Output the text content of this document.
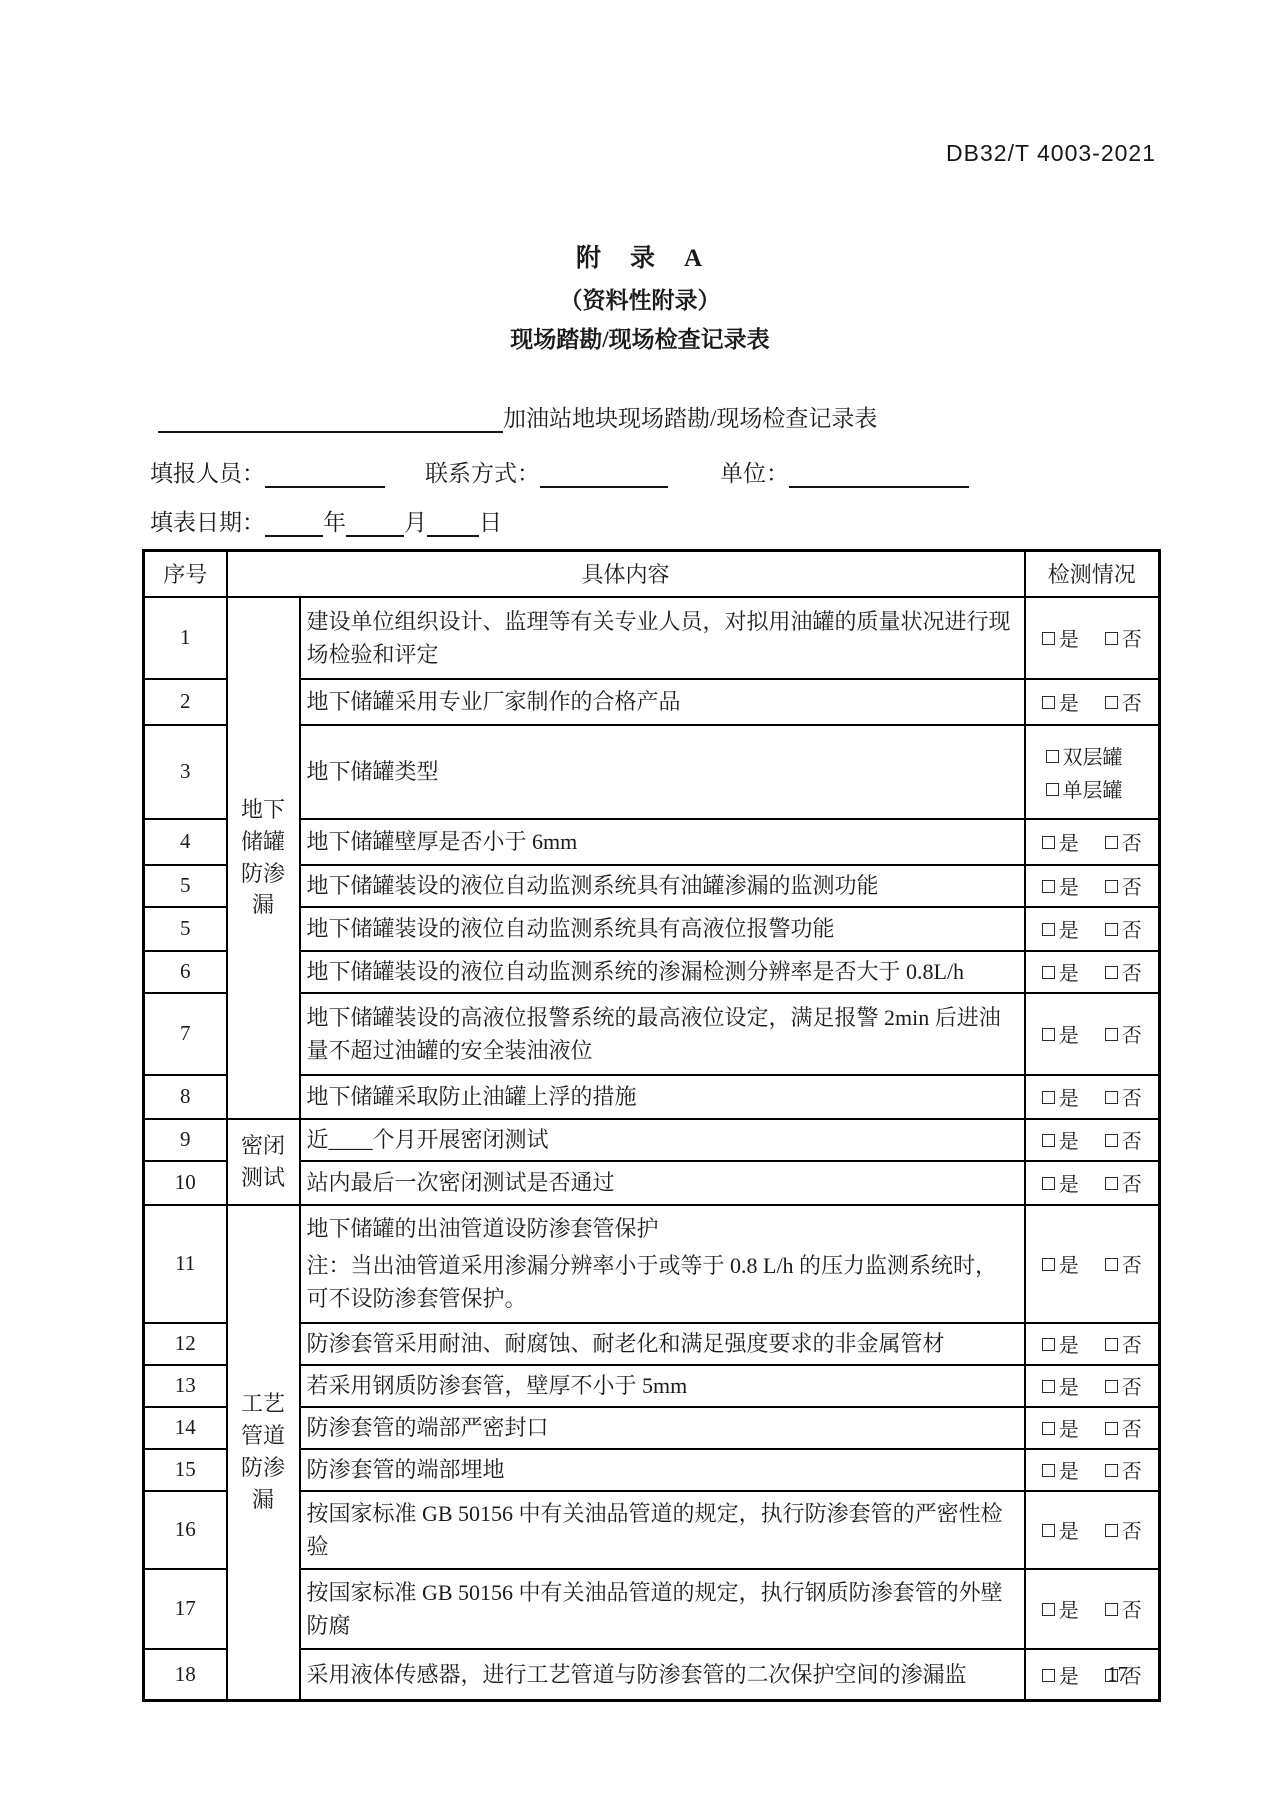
DB32/T 4003-2021
附　录　A
（资料性附录）
现场踏勘/现场检查记录表
加油站地块现场踏勘/现场检查记录表
填报人员：	联系方式：	单位：
填表日期：	年	月 日
序号	具体内容		检测情况
1	地下储罐防渗漏	建设单位组织设计、监理等有关专业人员，对拟用油罐的质量状况进行现场检验和评定	是 否
2		地下储罐采用专业厂家制作的合格产品	是 否
3		地下储罐类型	双层罐
单层罐

4		地下储罐壁厚是否小于 6mm	是 否
5		地下储罐装设的液位自动监测系统具有油罐渗漏的监测功能	是 否
5		地下储罐装设的液位自动监测系统具有高液位报警功能	是 否
6		地下储罐装设的液位自动监测系统的渗漏检测分辨率是否大于 0.8L/h	是 否
7		地下储罐装设的高液位报警系统的最高液位设定，满足报警 2min 后进油量不超过油罐的安全装油液位	是 否
8		地下储罐采取防止油罐上浮的措施	是 否
9	密闭测试	近____个月开展密闭测试	是 否
10		站内最后一次密闭测试是否通过	是 否
11	工艺管道防渗漏	地下储罐的出油管道设防渗套管保护
注：当出油管道采用渗漏分辨率小于或等于 0.8 L/h 的压力监测系统时，可不设防渗套管保护。	是 否
12		防渗套管采用耐油、耐腐蚀、耐老化和满足强度要求的非金属管材	是 否
13		若采用钢质防渗套管，壁厚不小于 5mm	是 否
14		防渗套管的端部严密封口	是 否
15		防渗套管的端部埋地	是 否
16		按国家标准 GB 50156 中有关油品管道的规定，执行防渗套管的严密性检验	是 否
17		按国家标准 GB 50156 中有关油品管道的规定，执行钢质防渗套管的外壁防腐	是 否
18		采用液体传感器，进行工艺管道与防渗套管的二次保护空间的渗漏监	是 否
17
